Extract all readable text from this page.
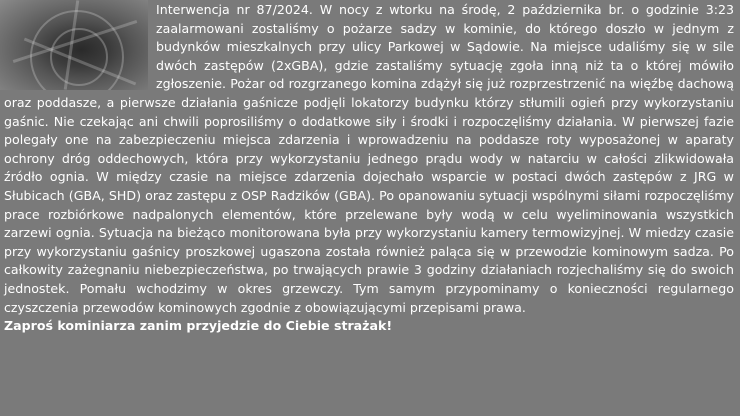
Interwencja nr 87/2024. W nocy z wtorku na środę, 2 października br. o godzinie 3:23 zaalarmowani zostaliśmy o pożarze sadzy w kominie, do którego doszło w jednym z budynków mieszkalnych przy ulicy Parkowej w Sądowie. Na miejsce udaliśmy się w sile dwóch zastępów (2xGBA), gdzie zastaliśmy sytuację zgoła inną niż ta o której mówiło zgłoszenie. Pożar od rozgrzanego komina zdążył się już rozprzestrzenić na więźbę dachową oraz poddasze, a pierwsze działania gaśnicze podjęli lokatorzy budynku którzy stłumili ogień przy wykorzystaniu gaśnic. Nie czekając ani chwili poprosiliśmy o dodatkowe siły i środki i rozpoczęliśmy działania. W pierwszej fazie polegały one na zabezpieczeniu miejsca zdarzenia i wprowadzeniu na poddasze roty wyposażonej w aparaty ochrony dróg oddechowych, która przy wykorzystaniu jednego prądu wody w natarciu w całości zlikwidowała źródło ognia. W między czasie na miejsce zdarzenia dojechało wsparcie w postaci dwóch zastępów z JRG w Słubicach (GBA, SHD) oraz zastępu z OSP Radzików (GBA). Po opanowaniu sytuacji wspólnymi siłami rozpoczęliśmy prace rozbiórkowe nadpalonych elementów, które przelewane były wodą w celu wyeliminowania wszystkich zarzewi ognia. Sytuacja na bieżąco monitorowana była przy wykorzystaniu kamery termowizyjnej. W miedzy czasie przy wykorzystaniu gaśnicy proszkowej ugaszona została również paląca się w przewodzie kominowym sadza. Po całkowity zażegnaniu niebezpieczeństwa, po trwających prawie 3 godziny działaniach rozjechaliśmy się do swoich jednostek. Pomału wchodzimy w okres grzewczy. Tym samym przypominamy o konieczności regularnego czyszczenia przewodów kominowych zgodnie z obowiązującymi przepisami prawa.
Zaproś kominiarza zanim przyjedzie do Ciebie strażak!
